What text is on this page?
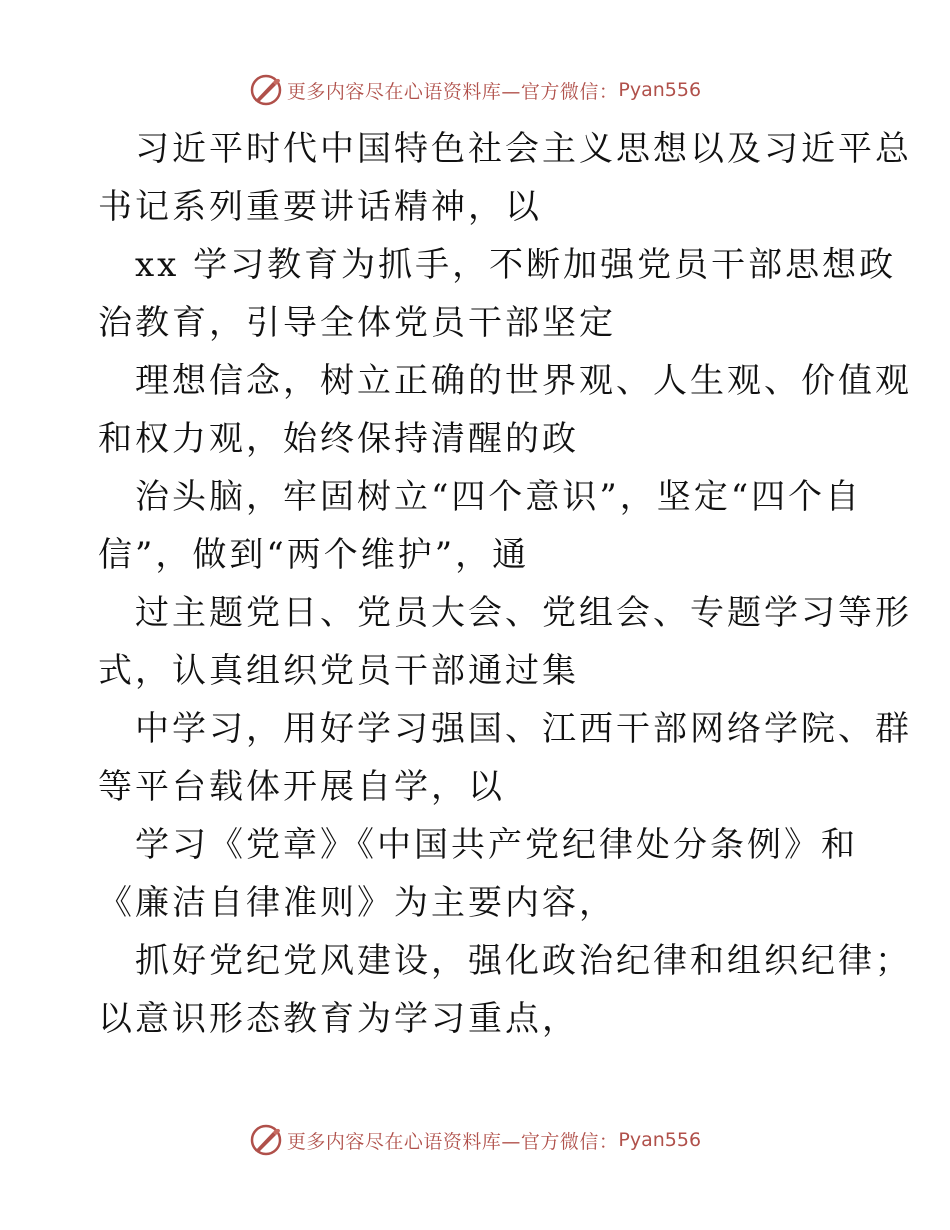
更多内容尽在心语资料库—官方微信： Pyan556
习近平时代中国特色社会主义思想以及习近平总
书记系列重要讲话精神，以
xx 学习教育为抓手，不断加强党员干部思想政
治教育，引导全体党员干部坚定
理想信念，树立正确的世界观、人生观、价值观
和权力观，始终保持清醒的政
治头脑，牢固树立“四个意识”，坚定“四个自
信”，做到“两个维护”，通
过主题党日、党员大会、党组会、专题学习等形
式，认真组织党员干部通过集
中学习，用好学习强国、江西干部网络学院、群
等平台载体开展自学，以
学习《党章》《中国共产党纪律处分条例》和
《廉洁自律准则》为主要内容，
抓好党纪党风建设，强化政治纪律和组织纪律；
以意识形态教育为学习重点，
更多内容尽在心语资料库—官方微信： Pyan556
